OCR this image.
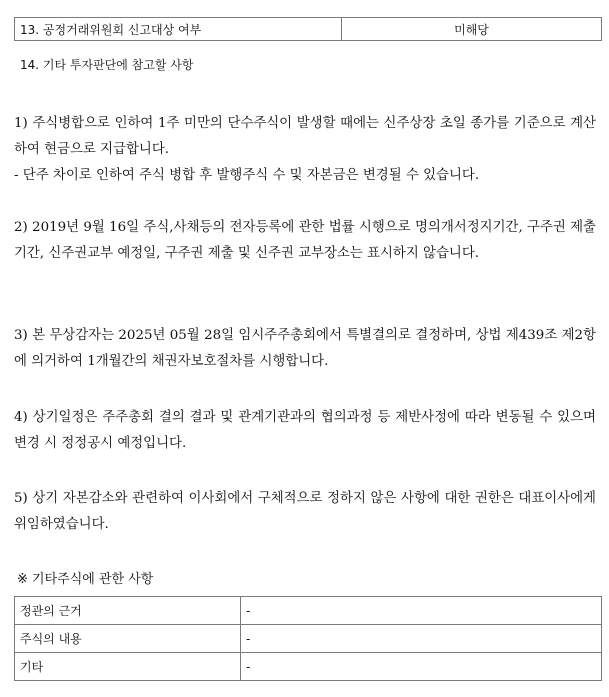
13. 공정거래위원회 신고대상 여부	미해당
14. 기타 투자판단에 참고할 사항

1) 주식병합으로 인하여 1주 미만의 단수주식이 발생할 때에는 신주상장 초일 종가를 기준으로 계산하여 현금으로 지급합니다.

- 단주 차이로 인하여 주식 병합 후 발행주식 수 및 자본금은 변경될 수 있습니다.

2) 2019년 9월 16일 주식,사채등의 전자등록에 관한 법률 시행으로 명의개서정지기간, 구주권 제출기간, 신주권교부 예정일, 구주권 제출 및 신주권 교부장소는 표시하지 않습니다.

3) 본 무상감자는 2025년 05월 28일 임시주주총회에서 특별결의로 결정하며, 상법 제439조 제2항에 의거하여 1개월간의 채권자보호절차를 시행합니다.

4) 상기일정은 주주총회 결의 결과 및 관계기관과의 협의과정 등 제반사정에 따라 변동될 수 있으며 변경 시 정정공시 예정입니다.

5) 상기 자본감소와 관련하여 이사회에서 구체적으로 정하지 않은 사항에 대한 권한은 대표이사에게 위임하였습니다.

※ 기타주식에 관한 사항
정관의 근거	-
주식의 내용	-
기타	-
